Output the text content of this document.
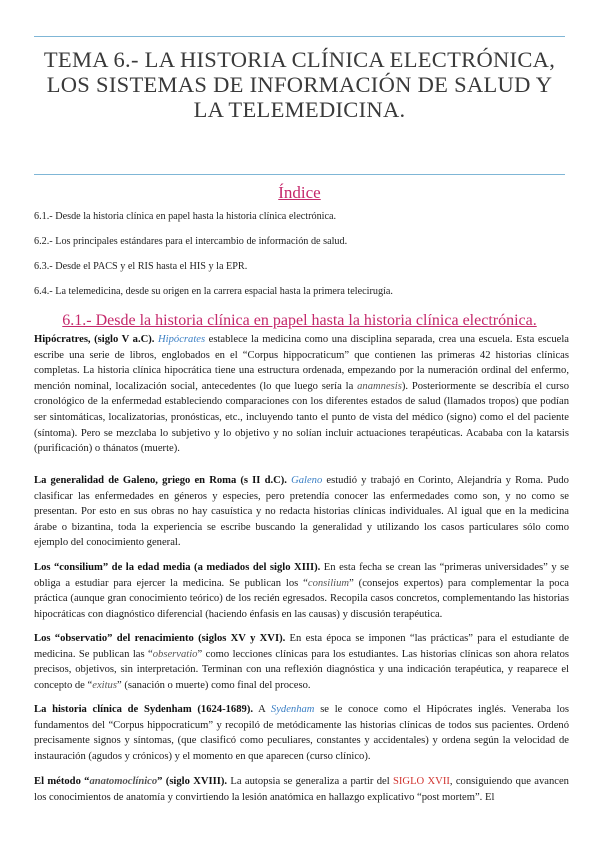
TEMA 6.- LA HISTORIA CLÍNICA ELECTRÓNICA, LOS SISTEMAS DE INFORMACIÓN DE SALUD Y LA TELEMEDICINA.
Índice
6.1.- Desde la historia clínica en papel hasta la historia clínica electrónica.
6.2.- Los principales estándares para el intercambio de información de salud.
6.3.- Desde el PACS y el RIS hasta el HIS y la EPR.
6.4.- La telemedicina, desde su origen en la carrera espacial hasta la primera telecirugía.
6.1.- Desde la historia clínica en papel hasta la historia clínica electrónica.
Hipócratres, (siglo V a.C). Hipócrates establece la medicina como una disciplina separada, crea una escuela. Esta escuela escribe una serie de libros, englobados en el “Corpus hippocraticum” que contienen las primeras 42 historias clínicas completas. La historia clínica hipocrática tiene una estructura ordenada, empezando por la numeración ordinal del enfermo, mención nominal, localización social, antecedentes (lo que luego sería la anamnesis). Posteriormente se describía el curso cronológico de la enfermedad estableciendo comparaciones con los diferentes estados de salud (llamados tropos) que podían ser sintomáticas, localizatorias, pronósticas, etc., incluyendo tanto el punto de vista del médico (signo) como el del paciente (síntoma). Pero se mezclaba lo subjetivo y lo objetivo y no solían incluir actuaciones terapéuticas. Acababa con la katarsis (purificación) o thánatos (muerte).
La generalidad de Galeno, griego en Roma (s II d.C). Galeno estudió y trabajó en Corinto, Alejandría y Roma. Pudo clasificar las enfermedades en géneros y especies, pero pretendía conocer las enfermedades como son, y no como se presentan. Por esto en sus obras no hay casuística y no redacta historias clínicas individuales. Al igual que en la medicina árabe o bizantina, toda la experiencia se escribe buscando la generalidad y utilizando los casos particulares sólo como ejemplo del conocimiento general.
Los “consilium” de la edad media (a mediados del siglo XIII). En esta fecha se crean las “primeras universidades” y se obliga a estudiar para ejercer la medicina. Se publican los “consilium” (consejos expertos) para complementar la poca práctica (aunque gran conocimiento teórico) de los recién egresados. Recopila casos concretos, complementando las historias hipocráticas con diagnóstico diferencial (haciendo énfasis en las causas) y discusión terapéutica.
Los “observatio” del renacimiento (siglos XV y XVI). En esta época se imponen “las prácticas” para el estudiante de medicina. Se publican las “observatio” como lecciones clínicas para los estudiantes. Las historias clínicas son ahora relatos precisos, objetivos, sin interpretación. Terminan con una reflexión diagnóstica y una indicación terapéutica, y reaparece el concepto de “exitus” (sanación o muerte) como final del proceso.
La historia clínica de Sydenham (1624-1689). A Sydenham se le conoce como el Hipócrates inglés. Veneraba los fundamentos del “Corpus hippocraticum” y recopiló de metódicamente las historias clínicas de todos sus pacientes. Ordenó precisamente signos y síntomas, (que clasificó como peculiares, constantes y accidentales) y ordena según la velocidad de instauración (agudos y crónicos) y el momento en que aparecen (curso clínico).
El método “anatomoclínico” (siglo XVIII). La autopsia se generaliza a partir del SIGLO XVII, consiguiendo que avancen los conocimientos de anatomía y convirtiendo la lesión anatómica en hallazgo explicativo “post mortem”. El
